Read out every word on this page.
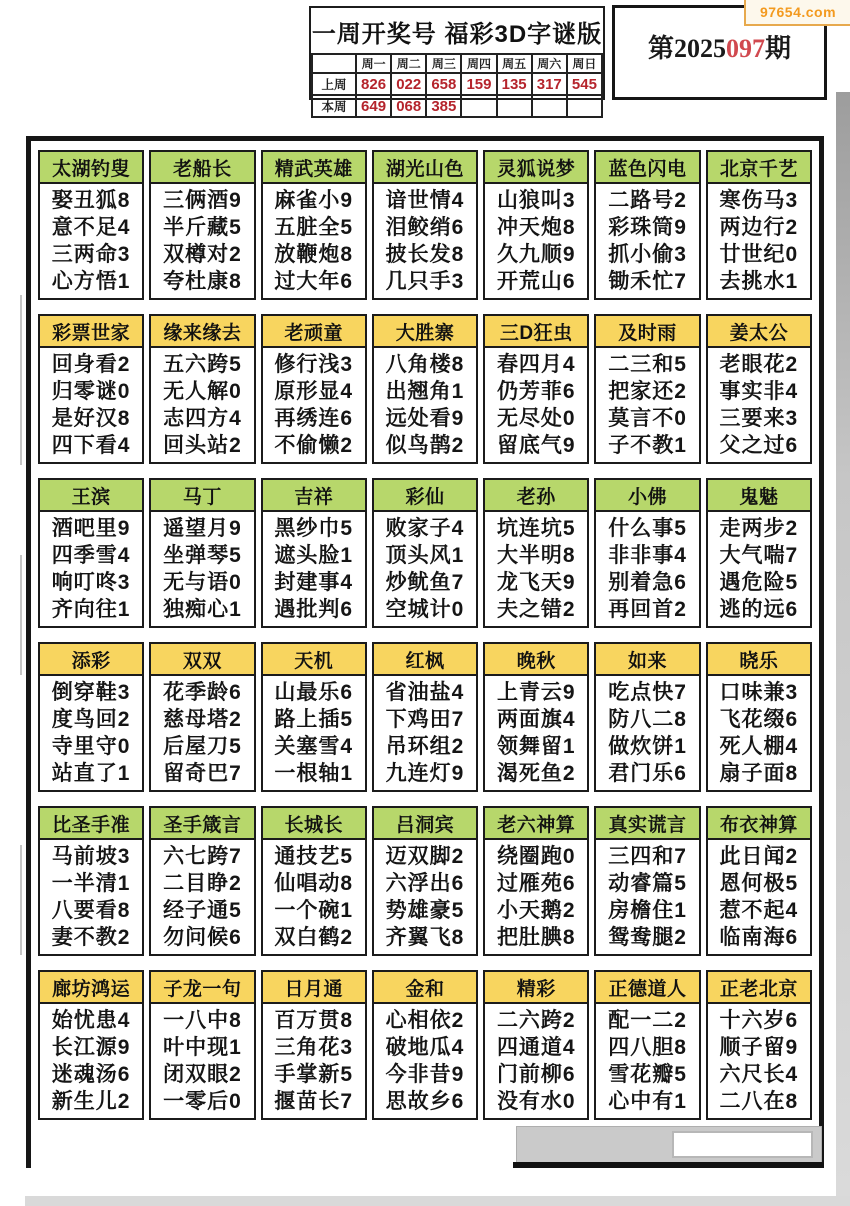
一周开奖号 福彩3D字谜版
	周一	周二	周三	周四	周五	周六	周日
上周	826	022	658	159	135	317	545
本周	649	068	385				
第2025097期
97654.com
太湖钓叟
娶丑狐8
意不足4
三两命3
心方悟1
老船长
三俩酒9
半斤藏5
双樽对2
夸杜康8
精武英雄
麻雀小9
五脏全5
放鞭炮8
过大年6
湖光山色
谙世情4
泪鲛绡6
披长发8
几只手3
灵狐说梦
山狼叫3
冲天炮8
久九顺9
开荒山6
蓝色闪电
二路号2
彩珠筒9
抓小偷3
锄禾忙7
北京千艺
寒伤马3
两边行2
廿世纪0
去挑水1
彩票世家
回身看2
归零谜0
是好汉8
四下看4
缘来缘去
五六跨5
无人解0
志四方4
回头站2
老顽童
修行浅3
原形显4
再绣连6
不偷懒2
大胜寨
八角楼8
出翘角1
远处看9
似鸟鹊2
三D狂虫
春四月4
仍芳菲6
无尽处0
留底气9
及时雨
二三和5
把家还2
莫言不0
子不教1
姜太公
老眼花2
事实非4
三要来3
父之过6
王滨
酒吧里9
四季雪4
响叮咚3
齐向往1
马丁
遥望月9
坐弹琴5
无与语0
独痴心1
吉祥
黑纱巾5
遮头脸1
封建事4
遇批判6
彩仙
败家子4
顶头风1
炒鱿鱼7
空城计0
老孙
坑连坑5
大半明8
龙飞天9
夫之错2
小佛
什么事5
非非事4
别着急6
再回首2
鬼魅
走两步2
大气喘7
遇危险5
逃的远6
添彩
倒穿鞋3
度鸟回2
寺里守0
站直了1
双双
花季龄6
慈母塔2
后屋刀5
留奇巴7
天机
山最乐6
路上插5
关塞雪4
一根轴1
红枫
省油盐4
下鸡田7
吊环组2
九连灯9
晚秋
上青云9
两面旗4
领舞留1
渴死鱼2
如来
吃点快7
防八二8
做炊饼1
君门乐6
晓乐
口味兼3
飞花缀6
死人棚4
扇子面8
比圣手准
马前坡3
一半清1
八要看8
妻不教2
圣手箴言
六七跨7
二目睁2
经子通5
勿问候6
长城长
通技艺5
仙唱动8
一个碗1
双白鹤2
吕洞宾
迈双脚2
六浮出6
势雄豪5
齐翼飞8
老六神算
绕圈跑0
过雁苑6
小天鹅2
把肚腆8
真实谎言
三四和7
动睿篇5
房檐住1
鸳鸯腿2
布衣神算
此日闻2
恩何极5
惹不起4
临南海6
廊坊鸿运
始忧患4
长江源9
迷魂汤6
新生儿2
子龙一句
一八中8
叶中现1
闭双眼2
一零后0
日月通
百万贯8
三角花3
手掌新5
揠苗长7
金和
心相依2
破地瓜4
今非昔9
思故乡6
精彩
二六跨2
四通道4
门前柳6
没有水0
正德道人
配一二2
四八胆8
雪花瓣5
心中有1
正老北京
十六岁6
顺子留9
六尺长4
二八在8
